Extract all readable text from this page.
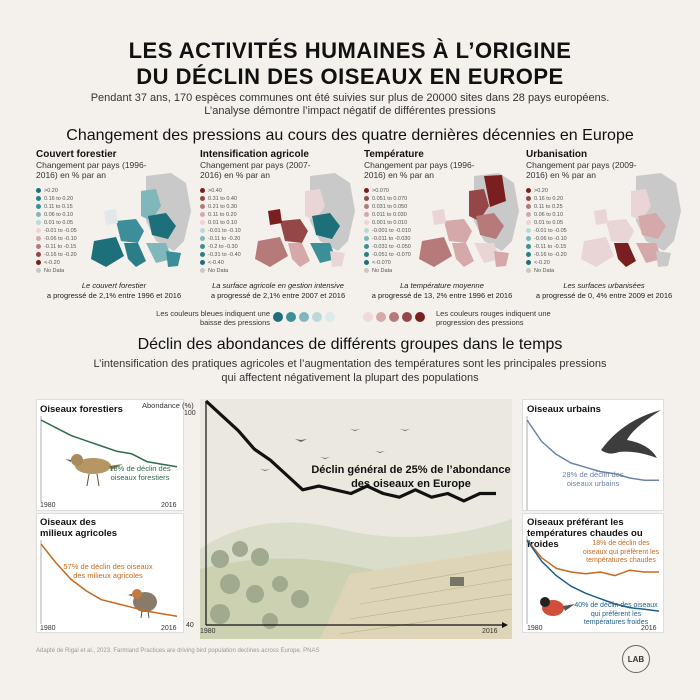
LES ACTIVITÉS HUMAINES À L’ORIGINE
DU DÉCLIN DES OISEAUX EN EUROPE
Pendant 37 ans, 170 espèces communes ont été suivies sur plus de 20000 sites dans 28 pays européens.
L’analyse démontre l’impact négatif de différentes pressions
Changement des pressions au cours des quatre dernières décennies en Europe
Couvert forestier
Changement par pays (1996-2016) en % par an
>0.20
0.16 to 0.20
0.11 to 0.15
0.06 to 0.10
0.01 to 0.05
-0.01 to -0.05
-0.06 to -0.10
-0.11 to -0.15
-0.16 to -0.20
<-0.20
No Data
Le couvert forestier
a progressé de 2,1% entre 1996 et 2016
Intensification agricole
Changement par pays (2007-2016) en % par an
>0.40
0.31 to 0.40
0.21 to 0.30
0.11 to 0.20
0.01 to 0.10
-0.01 to -0.10
-0.11 to -0.20
-0.2 to -0.30
-0.31 to -0.40
<-0.40
No Data
La surface agricole en gestion intensive
a progressé de 2,1% entre 2007 et 2016
Température
Changement par pays (1996-2016) en % par an
>0.070
0.051 to 0.070
0.031 to 0.050
0.011 to 0.030
0.001 to 0.010
-0.001 to -0.010
-0.011 to -0.030
-0.031 to -0.050
-0.051 to -0.070
<-0.070
No Data
La température moyenne
a progressé de 13, 2% entre 1996 et 2016
Urbanisation
Changement par pays (2009-2016) en % par an
>0.20
0.16 to 0.20
0.11 to 0.25
0.06 to 0.10
0.01 to 0.05
-0.01 to -0.05
-0.06 to -0.10
-0.11 to -0.15
-0.16 to -0.20
<-0.20
No Data
Les surfaces urbanisées
a progressé de 0, 4% entre 2009 et 2016
Les couleurs bleues indiquent une baisse des pressions
Les couleurs rouges indiquent une progression des pressions
Déclin des abondances de différents groupes dans le temps
L’intensification des pratiques agricoles et l’augmentation des températures sont les principales pressions
qui affectent négativement la plupart des populations
Oiseaux forestiers
18% de déclin des
oiseaux forestiers
1980	2016
Oiseaux des
milieux agricoles
57% de déclin des oiseaux
des milieux agricoles
1980	2016
Abondance (%)
100
40
1980	2016
Déclin général de 25% de l’abondance
des oiseaux en Europe
Oiseaux urbains
28% de déclin des
oiseaux urbains
Oiseaux préférant les
températures chaudes ou froides	18% de déclin des
oiseaux qui préfèrent les
températures chaudes
40% de déclin des oiseaux
qui préfèrent les
températures froides
1980	2016
Adapté de Rigal et al., 2023. Farmland Practices are driving bird population declines across Europe. PNAS
LAB
